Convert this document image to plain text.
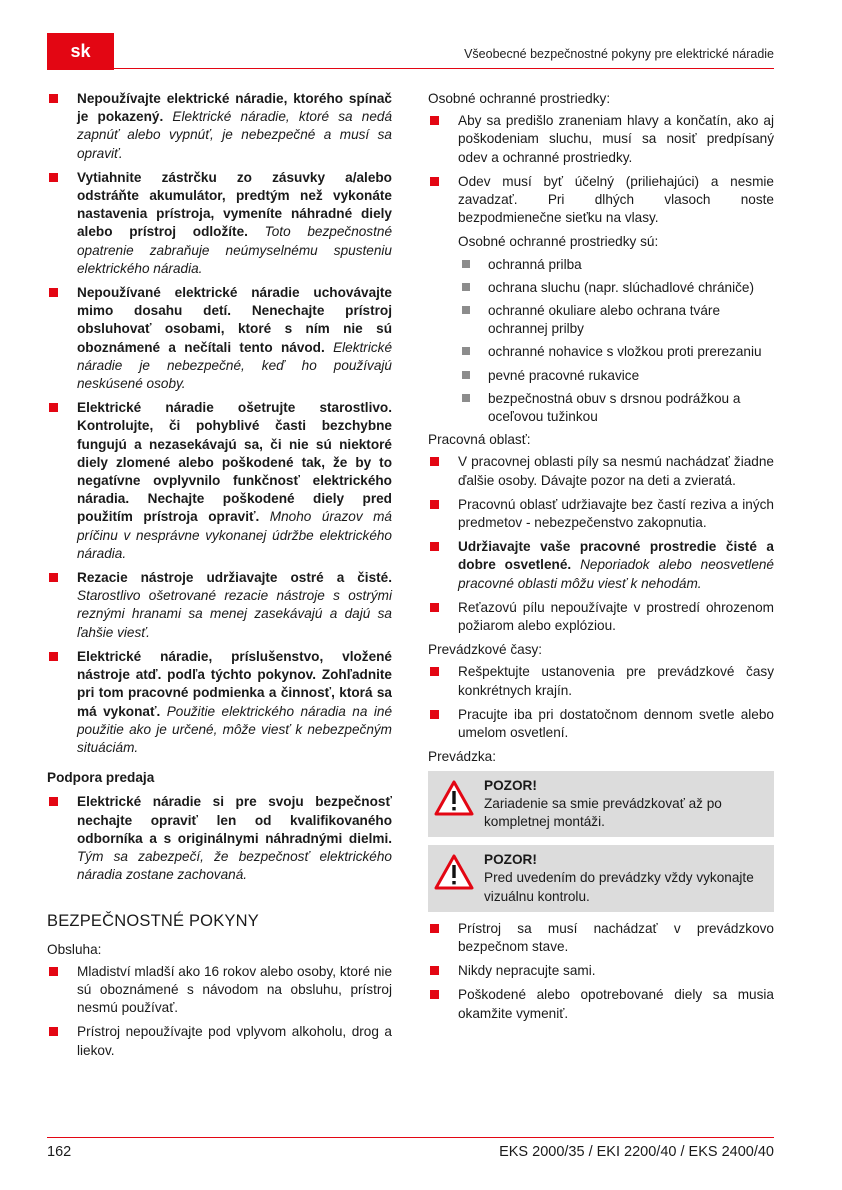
sk	Všeobecné bezpečnostné pokyny pre elektrické náradie
Nepoužívajte elektrické náradie, ktorého spínač je pokazený. Elektrické náradie, ktoré sa nedá zapnúť alebo vypnúť, je nebezpečné a musí sa opraviť.
Vytiahnite zástrčku zo zásuvky a/alebo odstráňte akumulátor, predtým než vykonáte nastavenia prístroja, vymeníte náhradné diely alebo prístroj odložíte. Toto bezpečnostné opatrenie zabraňuje neúmyselnému spusteniu elektrického náradia.
Nepoužívané elektrické náradie uchovávajte mimo dosahu detí. Nenechajte prístroj obsluhovať osobami, ktoré s ním nie sú oboznámené a nečítali tento návod. Elektrické náradie je nebezpečné, keď ho používajú neskúsené osoby.
Elektrické náradie ošetrujte starostlivo. Kontrolujte, či pohyblivé časti bezchybne fungujú a nezasekávajú sa, či nie sú niektoré diely zlomené alebo poškodené tak, že by to negatívne ovplyvnilo funkčnosť elektrického náradia. Nechajte poškodené diely pred použitím prístroja opraviť. Mnoho úrazov má príčinu v nesprávne vykonanej údržbe elektrického náradia.
Rezacie nástroje udržiavajte ostré a čisté. Starostlivo ošetrované rezacie nástroje s ostrými reznými hranami sa menej zasekávajú a dajú sa ľahšie viesť.
Elektrické náradie, príslušenstvo, vložené nástroje atď. podľa týchto pokynov. Zohľadnite pri tom pracovné podmienka a činnosť, ktorá sa má vykonať. Použitie elektrického náradia na iné použitie ako je určené, môže viesť k nebezpečným situáciám.
Podpora predaja
Elektrické náradie si pre svoju bezpečnosť nechajte opraviť len od kvalifikovaného odborníka a s originálnymi náhradnými dielmi. Tým sa zabezpečí, že bezpečnosť elektrického náradia zostane zachovaná.
BEZPEČNOSTNÉ POKYNY
Obsluha:
Mladiství mladší ako 16 rokov alebo osoby, ktoré nie sú oboznámené s návodom na obsluhu, prístroj nesmú používať.
Prístroj nepoužívajte pod vplyvom alkoholu, drog a liekov.
Osobné ochranné prostriedky:
Aby sa predišlo zraneniam hlavy a končatín, ako aj poškodeniam sluchu, musí sa nosiť predpísaný odev a ochranné prostriedky.
Odev musí byť účelný (priliehajúci) a nesmie zavadzať. Pri dlhých vlasoch noste bezpodmienečne sieťku na vlasy.
Osobné ochranné prostriedky sú:
ochranná prilba
ochrana sluchu (napr. slúchadlové chrániče)
ochranné okuliare alebo ochrana tváre ochrannej prilby
ochranné nohavice s vložkou proti prerezaniu
pevné pracovné rukavice
bezpečnostná obuv s drsnou podrážkou a oceľovou tužinkou
Pracovná oblasť:
V pracovnej oblasti píly sa nesmú nachádzať žiadne ďalšie osoby. Dávajte pozor na deti a zvieratá.
Pracovnú oblasť udržiavajte bez častí reziva a iných predmetov - nebezpečenstvo zakopnutia.
Udržiavajte vaše pracovné prostredie čisté a dobre osvetlené. Neporiadok alebo neosvetlené pracovné oblasti môžu viesť k nehodám.
Reťazovú pílu nepoužívajte v prostredí ohrozenom požiarom alebo explóziou.
Prevádzkové časy:
Rešpektujte ustanovenia pre prevádzkové časy konkrétnych krajín.
Pracujte iba pri dostatočnom dennom svetle alebo umelom osvetlení.
Prevádzka:
POZOR!
Zariadenie sa smie prevádzkovať až po kompletnej montáži.
POZOR!
Pred uvedením do prevádzky vždy vykonajte vizuálnu kontrolu.
Prístroj sa musí nachádzať v prevádzkovo bezpečnom stave.
Nikdy nepracujte sami.
Poškodené alebo opotrebované diely sa musia okamžite vymeniť.
162	EKS 2000/35 / EKI 2200/40 / EKS 2400/40
